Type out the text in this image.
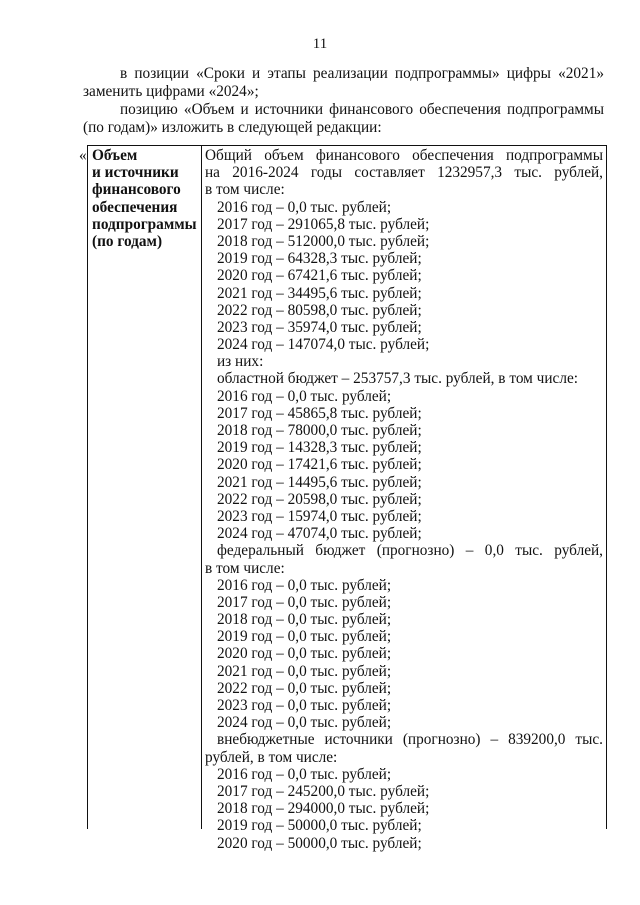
11
в позиции «Сроки и этапы реализации подпрограммы» цифры «2021»
заменить цифрами «2024»;
позицию «Объем и источники финансового обеспечения подпрограммы
(по годам)» изложить в следующей редакции:
« Объем
и источники
финансового
обеспечения
подпрограммы
(по годам)
Общий объем финансового обеспечения подпрограммы
на 2016-2024 годы составляет 1232957,3 тыс. рублей,
в том числе:
2016 год – 0,0 тыс. рублей;
2017 год – 291065,8 тыс. рублей;
2018 год – 512000,0 тыс. рублей;
2019 год – 64328,3 тыс. рублей;
2020 год – 67421,6 тыс. рублей;
2021 год – 34495,6 тыс. рублей;
2022 год – 80598,0 тыс. рублей;
2023 год – 35974,0 тыс. рублей;
2024 год – 147074,0 тыс. рублей;
из них:
областной бюджет – 253757,3 тыс. рублей, в том числе:
2016 год – 0,0 тыс. рублей;
2017 год – 45865,8 тыс. рублей;
2018 год – 78000,0 тыс. рублей;
2019 год – 14328,3 тыс. рублей;
2020 год – 17421,6 тыс. рублей;
2021 год – 14495,6 тыс. рублей;
2022 год – 20598,0 тыс. рублей;
2023 год – 15974,0 тыс. рублей;
2024 год – 47074,0 тыс. рублей;
федеральный бюджет (прогнозно) – 0,0 тыс. рублей,
в том числе:
2016 год – 0,0 тыс. рублей;
2017 год – 0,0 тыс. рублей;
2018 год – 0,0 тыс. рублей;
2019 год – 0,0 тыс. рублей;
2020 год – 0,0 тыс. рублей;
2021 год – 0,0 тыс. рублей;
2022 год – 0,0 тыс. рублей;
2023 год – 0,0 тыс. рублей;
2024 год – 0,0 тыс. рублей;
внебюджетные источники (прогнозно) – 839200,0 тыс.
рублей, в том числе:
2016 год – 0,0 тыс. рублей;
2017 год – 245200,0 тыс. рублей;
2018 год – 294000,0 тыс. рублей;
2019 год – 50000,0 тыс. рублей;
2020 год – 50000,0 тыс. рублей;
